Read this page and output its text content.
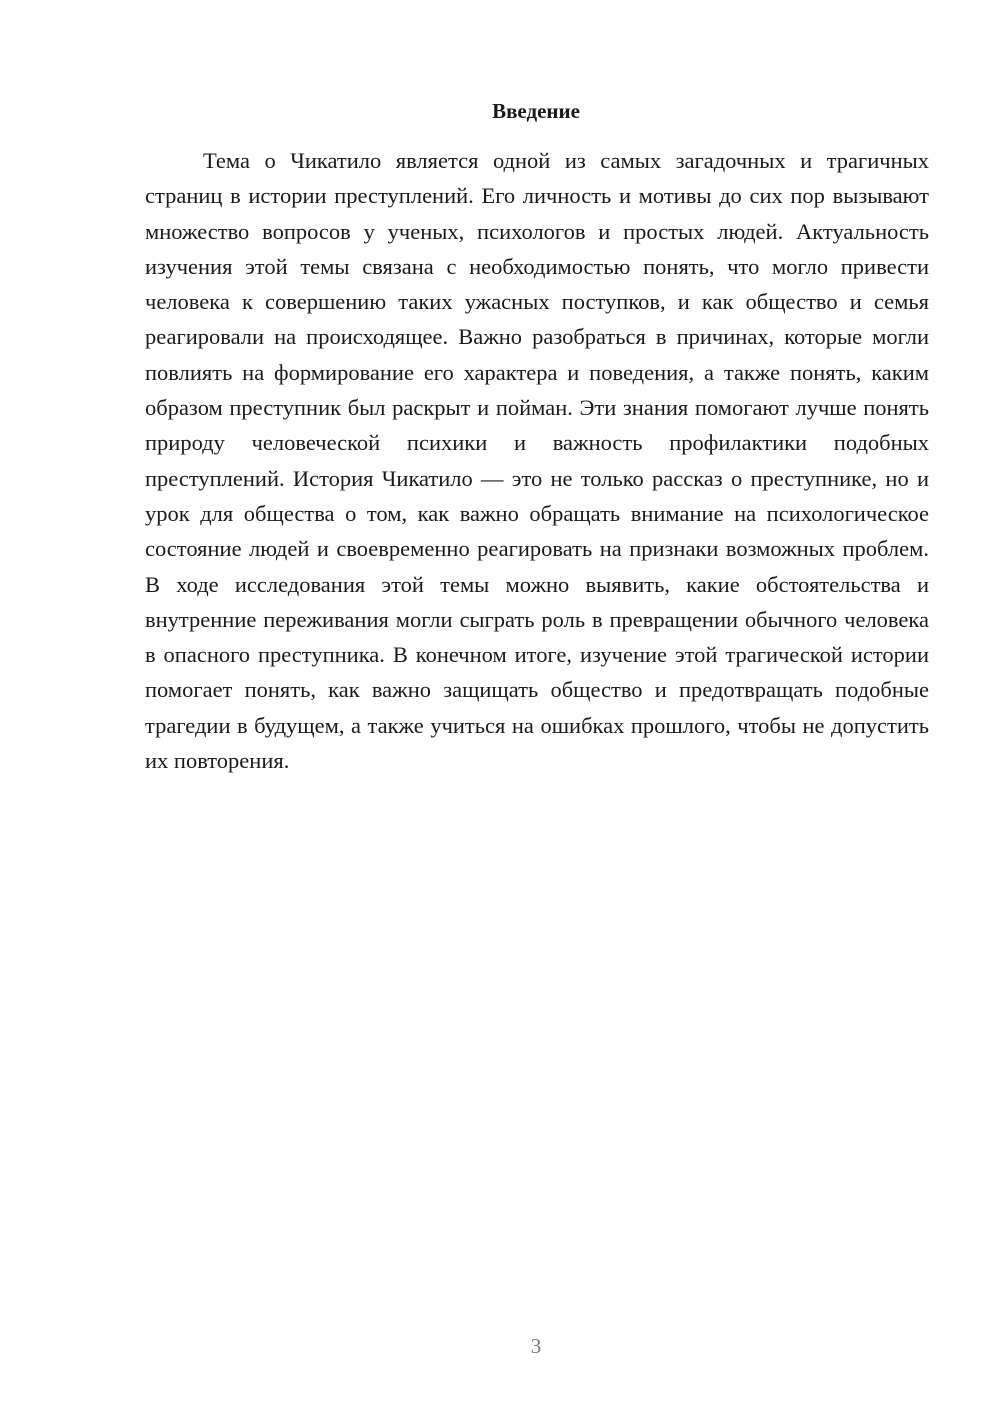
Введение

Тема о Чикатило является одной из самых загадочных и трагичных страниц в истории преступлений. Его личность и мотивы до сих пор вызывают множество вопросов у ученых, психологов и простых людей. Актуальность изучения этой темы связана с необходимостью понять, что могло привести человека к совершению таких ужасных поступков, и как общество и семья реагировали на происходящее. Важно разобраться в причинах, которые могли повлиять на формирование его характера и поведения, а также понять, каким образом преступник был раскрыт и пойман. Эти знания помогают лучше понять природу человеческой психики и важность профилактики подобных преступлений. История Чикатило — это не только рассказ о преступнике, но и урок для общества о том, как важно обращать внимание на психологическое состояние людей и своевременно реагировать на признаки возможных проблем. В ходе исследования этой темы можно выявить, какие обстоятельства и внутренние переживания могли сыграть роль в превращении обычного человека в опасного преступника. В конечном итоге, изучение этой трагической истории помогает понять, как важно защищать общество и предотвращать подобные трагедии в будущем, а также учиться на ошибках прошлого, чтобы не допустить их повторения.

3
